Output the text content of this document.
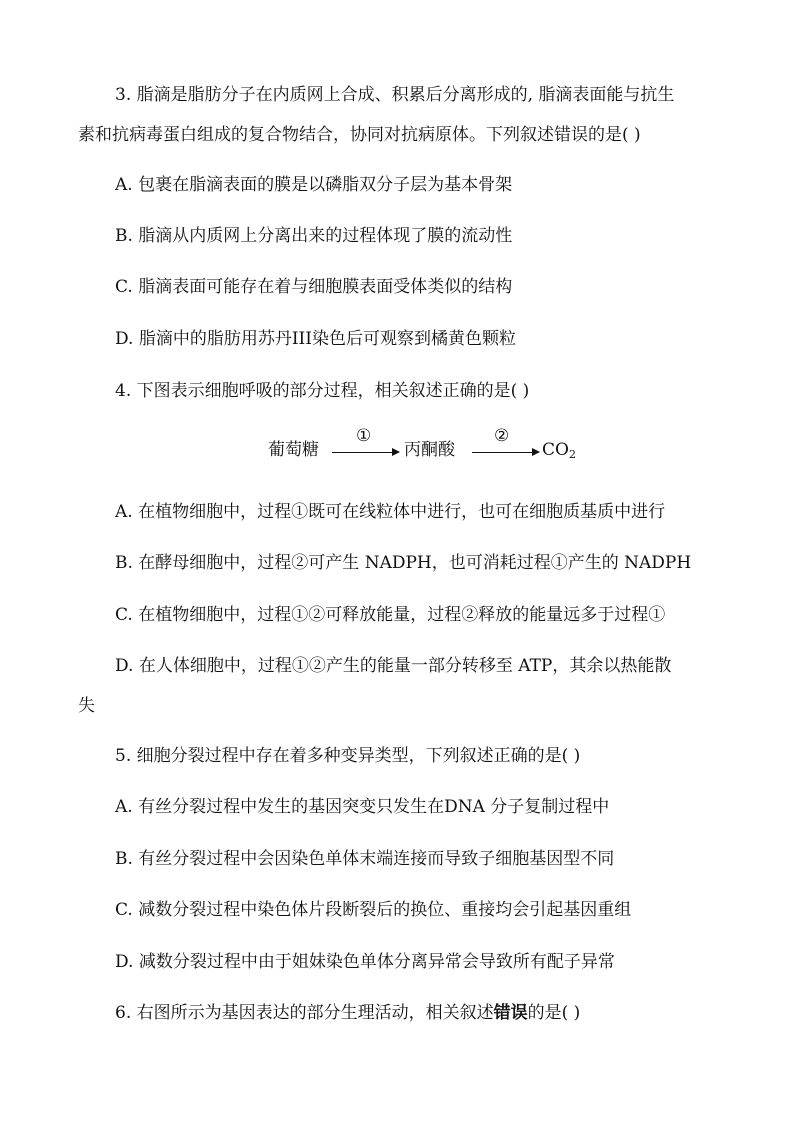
3. 脂滴是脂肪分子在内质网上合成、积累后分离形成的, 脂滴表面能与抗生
素和抗病毒蛋白组成的复合物结合，协同对抗病原体。下列叙述错误的是( )
A. 包裹在脂滴表面的膜是以磷脂双分子层为基本骨架
B. 脂滴从内质网上分离出来的过程体现了膜的流动性
C. 脂滴表面可能存在着与细胞膜表面受体类似的结构
D. 脂滴中的脂肪用苏丹III染色后可观察到橘黄色颗粒
4. 下图表示细胞呼吸的部分过程，相关叙述正确的是( )
葡萄糖
①
丙酮酸
②
$CO_2$
A. 在植物细胞中，过程①既可在线粒体中进行，也可在细胞质基质中进行
B. 在酵母细胞中，过程②可产生 NADPH，也可消耗过程①产生的 NADPH
C. 在植物细胞中，过程①②可释放能量，过程②释放的能量远多于过程①
D. 在人体细胞中，过程①②产生的能量一部分转移至 ATP，其余以热能散
失
5. 细胞分裂过程中存在着多种变异类型，下列叙述正确的是( )
A. 有丝分裂过程中发生的基因突变只发生在DNA 分子复制过程中
B. 有丝分裂过程中会因染色单体末端连接而导致子细胞基因型不同
C. 减数分裂过程中染色体片段断裂后的换位、重接均会引起基因重组
D. 减数分裂过程中由于姐妹染色单体分离异常会导致所有配子异常
6. 右图所示为基因表达的部分生理活动，相关叙述错误的是( )
